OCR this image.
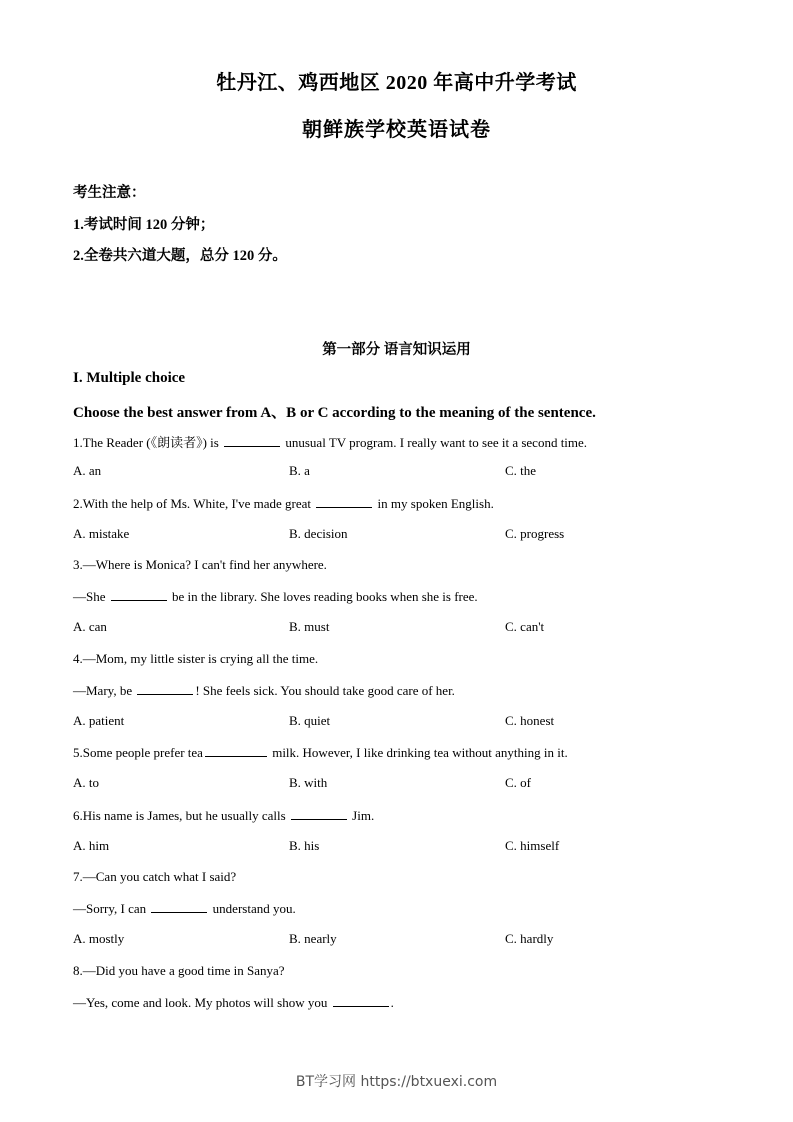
牡丹江、鸡西地区 2020 年高中升学考试
朝鲜族学校英语试卷
考生注意：
1.考试时间 120 分钟；
2.全卷共六道大题，总分 120 分。
第一部分 语言知识运用
I. Multiple choice
Choose the best answer from A、B or C according to the meaning of the sentence.
1.The Reader (《朗读者》) is	unusual TV program. I really want to see it a second time.
A. an	B. a	C. the
2.With the help of Ms. White, I've made great	in my spoken English.
A. mistake	B. decision	C. progress
3.—Where is Monica? I can't find her anywhere.
—She	be in the library. She loves reading books when she is free.
A. can	B. must	C. can't
4.—Mom, my little sister is crying all the time.
—Mary, be	! She feels sick. You should take good care of her.
A. patient	B. quiet	C. honest
5.Some people prefer tea	milk. However, I like drinking tea without anything in it.
A. to	B. with	C. of
6.His name is James, but he usually calls	Jim.
A. him	B. his	C. himself
7.—Can you catch what I said?
—Sorry, I can	understand you.
A. mostly	B. nearly	C. hardly
8.—Did you have a good time in Sanya?
—Yes, come and look. My photos will show you	.
BT学习网 https://btxuexi.com
